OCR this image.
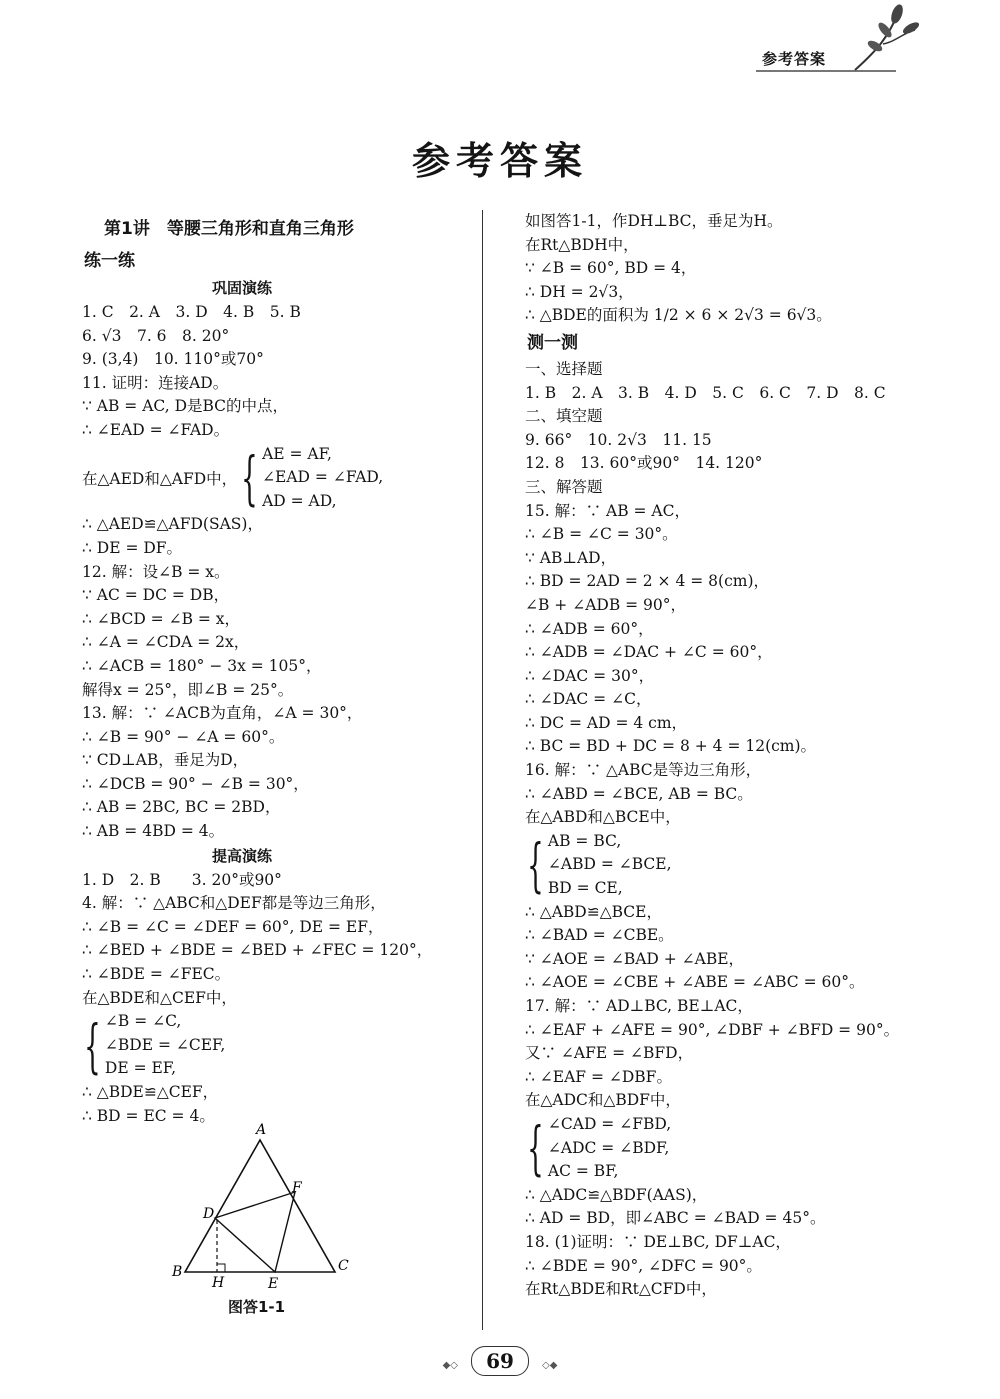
参考答案
参考答案
第1讲　等腰三角形和直角三角形
练一练
巩固演练
1. C　2. A　3. D　4. B　5. B
6. √3　7. 6　8. 20°
9. (3,4)　10. 110°或70°
11. 证明：连接AD。
∵ AB = AC, D是BC的中点，
∴ ∠EAD = ∠FAD。
在△AED和△AFD中， { AE = AF,
∠EAD = ∠FAD,
AD = AD,
∴ △AED≌△AFD(SAS)，
∴ DE = DF。
12. 解：设∠B = x。
∵ AC = DC = DB，
∴ ∠BCD = ∠B = x，
∴ ∠A = ∠CDA = 2x，
∴ ∠ACB = 180° − 3x = 105°，
解得x = 25°，即∠B = 25°。
13. 解：∵ ∠ACB为直角，∠A = 30°，
∴ ∠B = 90° − ∠A = 60°。
∵ CD⊥AB，垂足为D，
∴ ∠DCB = 90° − ∠B = 30°，
∴ AB = 2BC, BC = 2BD，
∴ AB = 4BD = 4。
提高演练
1. D　2. B　　3. 20°或90°
4. 解：∵ △ABC和△DEF都是等边三角形，
∴ ∠B = ∠C = ∠DEF = 60°, DE = EF，
∴ ∠BED + ∠BDE = ∠BED + ∠FEC = 120°，
∴ ∠BDE = ∠FEC。
在△BDE和△CEF中，
{ ∠B = ∠C,
∠BDE = ∠CEF,
DE = EF,
∴ △BDE≌△CEF，
∴ BD = EC = 4。
A
B	C
D
E
F
H
图答1-1
如图答1-1，作DH⊥BC，垂足为H。
在Rt△BDH中，
∵ ∠B = 60°, BD = 4，
∴ DH = 2√3，
∴ △BDE的面积为 1/2 × 6 × 2√3 = 6√3。
测一测
一、选择题
1. B　2. A　3. B　4. D　5. C　6. C　7. D　8. C
二、填空题
9. 66°　10. 2√3　11. 15
12. 8　13. 60°或90°　14. 120°
三、解答题
15. 解：∵ AB = AC，
∴ ∠B = ∠C = 30°。
∵ AB⊥AD，
∴ BD = 2AD = 2 × 4 = 8(cm)，
∠B + ∠ADB = 90°，
∴ ∠ADB = 60°，
∴ ∠ADB = ∠DAC + ∠C = 60°，
∴ ∠DAC = 30°，
∴ ∠DAC = ∠C，
∴ DC = AD = 4 cm，
∴ BC = BD + DC = 8 + 4 = 12(cm)。
16. 解：∵ △ABC是等边三角形，
∴ ∠ABD = ∠BCE, AB = BC。
在△ABD和△BCE中，
{ AB = BC,
∠ABD = ∠BCE,
BD = CE,
∴ △ABD≌△BCE，
∴ ∠BAD = ∠CBE。
∵ ∠AOE = ∠BAD + ∠ABE，
∴ ∠AOE = ∠CBE + ∠ABE = ∠ABC = 60°。
17. 解：∵ AD⊥BC, BE⊥AC，
∴ ∠EAF + ∠AFE = 90°, ∠DBF + ∠BFD = 90°。
又∵ ∠AFE = ∠BFD，
∴ ∠EAF = ∠DBF。
在△ADC和△BDF中，
{ ∠CAD = ∠FBD,
∠ADC = ∠BDF,
AC = BF,
∴ △ADC≌△BDF(AAS)，
∴ AD = BD，即∠ABC = ∠BAD = 45°。
18. (1)证明：∵ DE⊥BC, DF⊥AC，
∴ ∠BDE = 90°, ∠DFC = 90°。
在Rt△BDE和Rt△CFD中，
◆◇ 69	◇◆
